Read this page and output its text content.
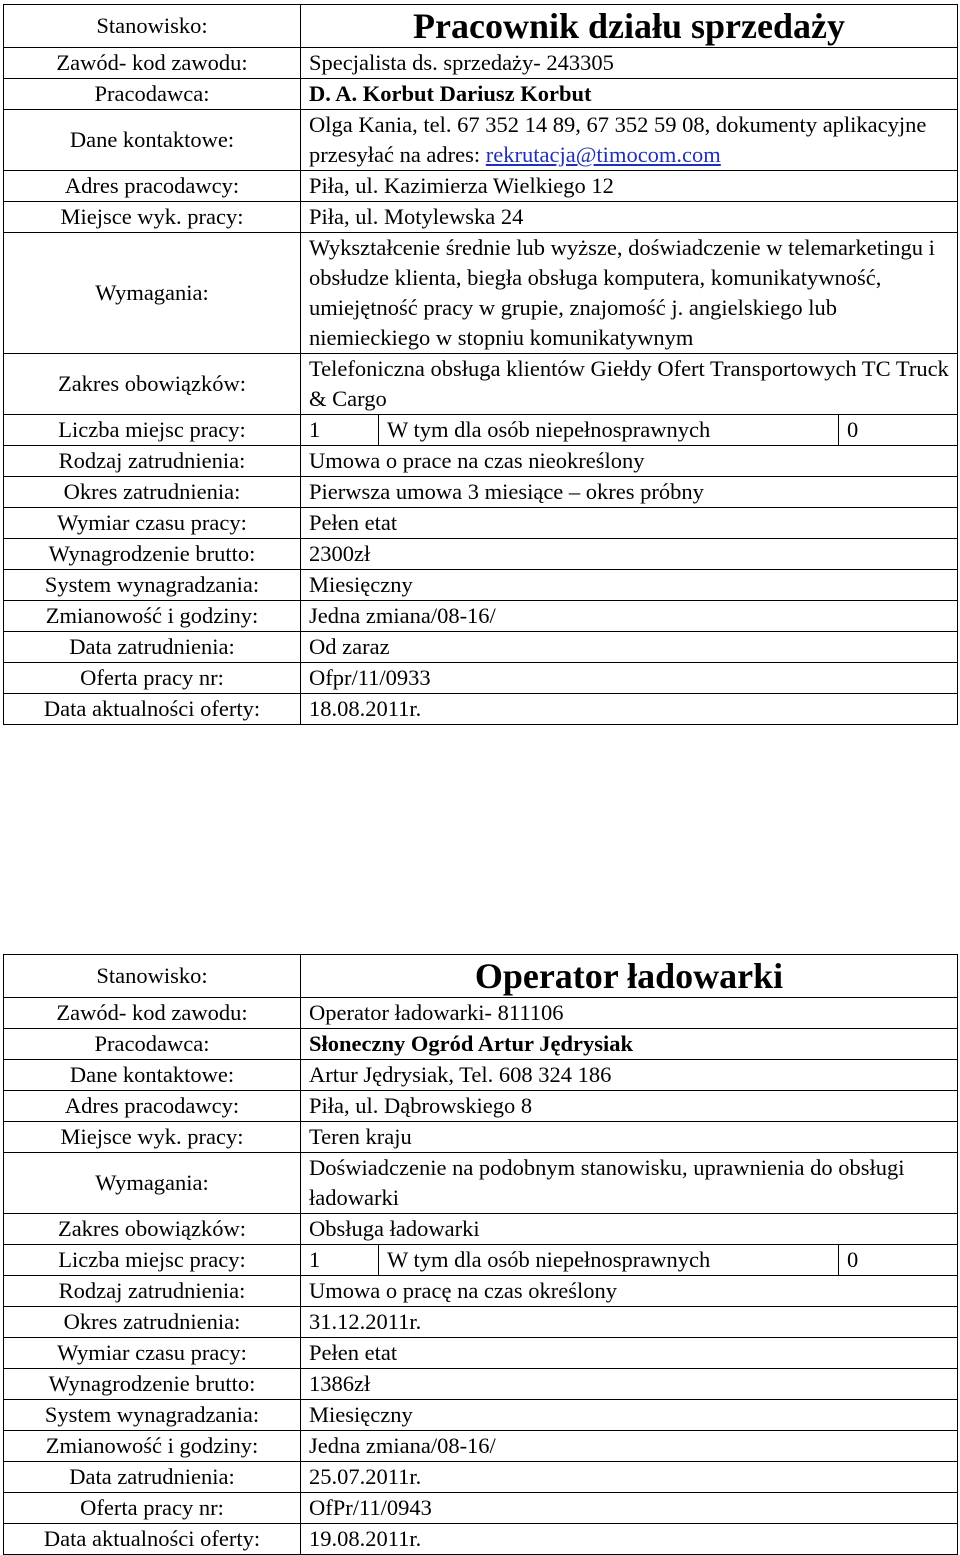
Stanowisko:	Pracownik działu sprzedaży		
Zawód- kod zawodu:	Specjalista ds. sprzedaży- 243305		
Pracodawca:	D. A. Korbut Dariusz Korbut		
Dane kontaktowe:	Olga Kania, tel. 67 352 14 89, 67 352 59 08, dokumenty aplikacyjne przesyłać na adres: rekrutacja@timocom.com		
Adres pracodawcy:	Piła, ul. Kazimierza Wielkiego 12		
Miejsce wyk. pracy:	Piła, ul. Motylewska 24		
Wymagania:	Wykształcenie średnie lub wyższe, doświadczenie w telemarketingu i obsłudze klienta, biegła obsługa komputera, komunikatywność, umiejętność pracy w grupie, znajomość j. angielskiego lub niemieckiego w stopniu komunikatywnym		
Zakres obowiązków:	Telefoniczna obsługa klientów Giełdy Ofert Transportowych TC Truck & Cargo		
Liczba miejsc pracy:	1	W tym dla osób niepełnosprawnych	0
Rodzaj zatrudnienia:	Umowa o prace na czas nieokreślony		
Okres zatrudnienia:	Pierwsza umowa 3 miesiące – okres próbny		
Wymiar czasu pracy:	Pełen etat		
Wynagrodzenie brutto:	2300zł		
System wynagradzania:	Miesięczny		
Zmianowość i godziny:	Jedna zmiana/08-16/		
Data zatrudnienia:	Od zaraz		
Oferta pracy nr:	Ofpr/11/0933		
Data aktualności oferty:	18.08.2011r.		
Stanowisko:	Operator ładowarki		
Zawód- kod zawodu:	Operator ładowarki- 811106		
Pracodawca:	Słoneczny Ogród Artur Jędrysiak		
Dane kontaktowe:	Artur Jędrysiak, Tel. 608 324 186		
Adres pracodawcy:	Piła, ul. Dąbrowskiego 8		
Miejsce wyk. pracy:	Teren kraju		
Wymagania:	Doświadczenie na podobnym stanowisku, uprawnienia do obsługi ładowarki		
Zakres obowiązków:	Obsługa ładowarki		
Liczba miejsc pracy:	1	W tym dla osób niepełnosprawnych	0
Rodzaj zatrudnienia:	Umowa o pracę na czas określony		
Okres zatrudnienia:	31.12.2011r.		
Wymiar czasu pracy:	Pełen etat		
Wynagrodzenie brutto:	1386zł		
System wynagradzania:	Miesięczny		
Zmianowość i godziny:	Jedna zmiana/08-16/		
Data zatrudnienia:	25.07.2011r.		
Oferta pracy nr:	OfPr/11/0943		
Data aktualności oferty:	19.08.2011r.		
